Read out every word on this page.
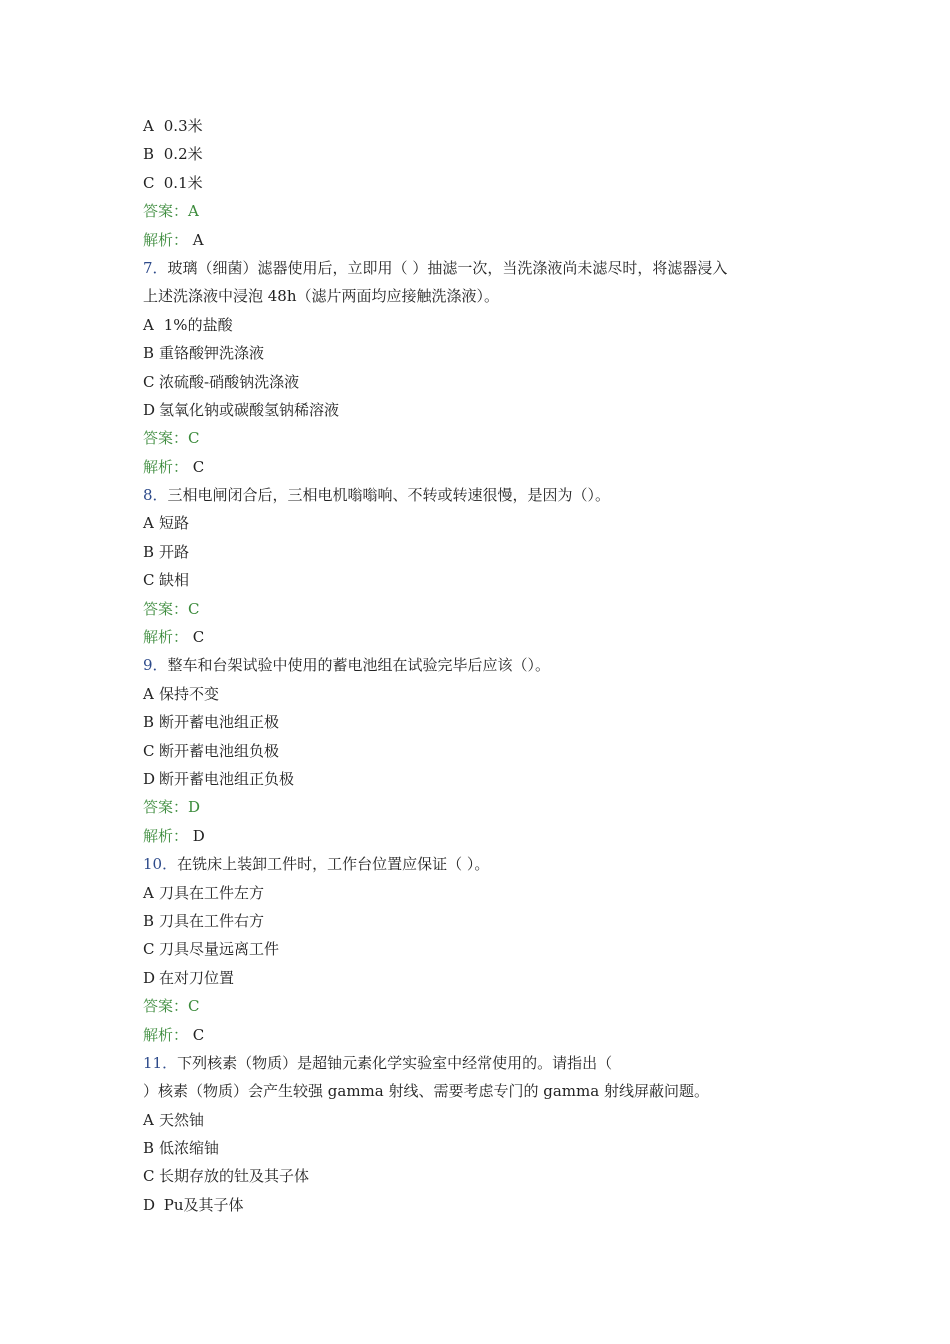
A 0.3米
B 0.2米
C 0.1米
答案：A
解析： A
7．玻璃（细菌）滤器使用后，立即用（ ）抽滤一次，当洗涤液尚未滤尽时，将滤器浸入
上述洗涤液中浸泡 48h（滤片两面均应接触洗涤液）。
A 1%的盐酸
B 重铬酸钾洗涤液
C 浓硫酸-硝酸钠洗涤液
D 氢氧化钠或碳酸氢钠稀溶液
答案：C
解析： C
8．三相电闸闭合后，三相电机嗡嗡响、不转或转速很慢，是因为（）。
A 短路
B 开路
C 缺相
答案：C
解析： C
9．整车和台架试验中使用的蓄电池组在试验完毕后应该（）。
A 保持不变
B 断开蓄电池组正极
C 断开蓄电池组负极
D 断开蓄电池组正负极
答案：D
解析： D
10．在铣床上装卸工件时，工作台位置应保证（ ）。
A 刀具在工件左方
B 刀具在工件右方
C 刀具尽量远离工件
D 在对刀位置
答案：C
解析： C
11．下列核素（物质）是超铀元素化学实验室中经常使用的。请指出（
）核素（物质）会产生较强 gamma 射线、需要考虑专门的 gamma 射线屏蔽问题。
A 天然铀
B 低浓缩铀
C 长期存放的钍及其子体
D Pu及其子体
